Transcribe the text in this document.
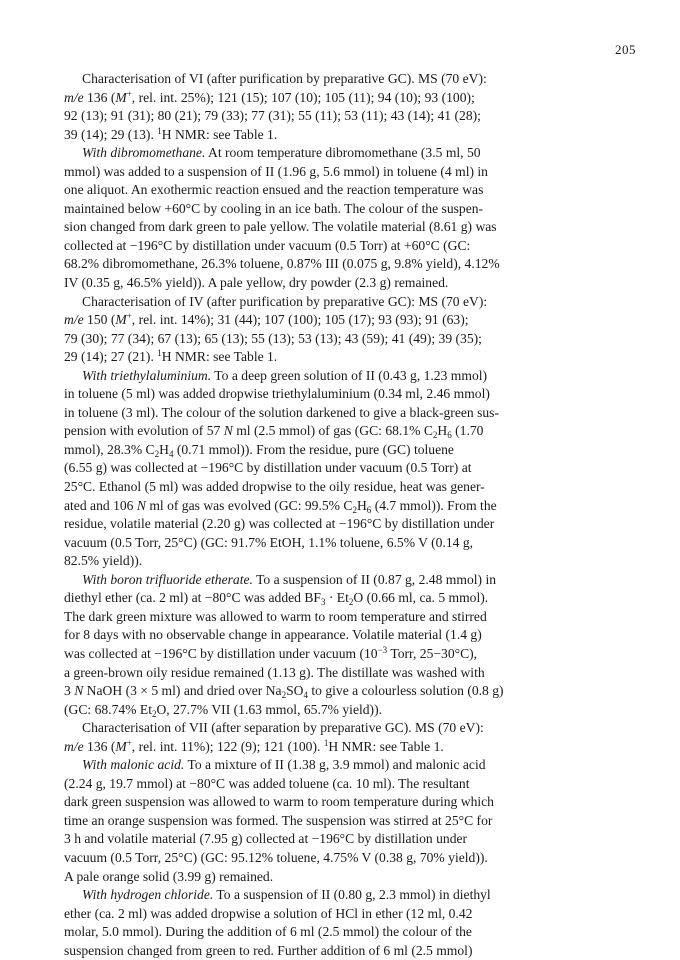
205
Characterisation of VI (after purification by preparative GC). MS (70 eV):
m/e 136 (M+, rel. int. 25%); 121 (15); 107 (10); 105 (11); 94 (10); 93 (100);
92 (13); 91 (31); 80 (21); 79 (33); 77 (31); 55 (11); 53 (11); 43 (14); 41 (28);
39 (14); 29 (13). $^1$H NMR: see Table 1.
With dibromomethane. At room temperature dibromomethane (3.5 ml, 50
mmol) was added to a suspension of II (1.96 g, 5.6 mmol) in toluene (4 ml) in
one aliquot. An exothermic reaction ensued and the reaction temperature was
maintained below +60°C by cooling in an ice bath. The colour of the suspen-
sion changed from dark green to pale yellow. The volatile material (8.61 g) was
collected at −196°C by distillation under vacuum (0.5 Torr) at +60°C (GC:
68.2% dibromomethane, 26.3% toluene, 0.87% III (0.075 g, 9.8% yield), 4.12%
IV (0.35 g, 46.5% yield)). A pale yellow, dry powder (2.3 g) remained.
Characterisation of IV (after purification by preparative GC): MS (70 eV):
m/e 150 (M+, rel. int. 14%); 31 (44); 107 (100); 105 (17); 93 (93); 91 (63);
79 (30); 77 (34); 67 (13); 65 (13); 55 (13); 53 (13); 43 (59); 41 (49); 39 (35);
29 (14); 27 (21). $^1$H NMR: see Table 1.
With triethylaluminium. To a deep green solution of II (0.43 g, 1.23 mmol)
in toluene (5 ml) was added dropwise triethylaluminium (0.34 ml, 2.46 mmol)
in toluene (3 ml). The colour of the solution darkened to give a black-green sus-
pension with evolution of 57 N ml (2.5 mmol) of gas (GC: 68.1% $C_2H_6$ (1.70
mmol), 28.3% $C_2H_4$ (0.71 mmol)). From the residue, pure (GC) toluene
(6.55 g) was collected at −196°C by distillation under vacuum (0.5 Torr) at
25°C. Ethanol (5 ml) was added dropwise to the oily residue, heat was gener-
ated and 106 N ml of gas was evolved (GC: 99.5% $C_2H_6$ (4.7 mmol)). From the
residue, volatile material (2.20 g) was collected at −196°C by distillation under
vacuum (0.5 Torr, 25°C) (GC: 91.7% EtOH, 1.1% toluene, 6.5% V (0.14 g,
82.5% yield)).
With boron trifluoride etherate. To a suspension of II (0.87 g, 2.48 mmol) in
diethyl ether (ca. 2 ml) at −80°C was added $BF_3 \cdot Et_2O$ (0.66 ml, ca. 5 mmol).
The dark green mixture was allowed to warm to room temperature and stirred
for 8 days with no observable change in appearance. Volatile material (1.4 g)
was collected at −196°C by distillation under vacuum ($10^{-3}$ Torr, 25−30°C),
a green-brown oily residue remained (1.13 g). The distillate was washed with
3 N NaOH (3 × 5 ml) and dried over $Na_2SO_4$ to give a colourless solution (0.8 g)
(GC: 68.74% $Et_2O$, 27.7% VII (1.63 mmol, 65.7% yield)).
Characterisation of VII (after separation by preparative GC). MS (70 eV):
m/e 136 (M+, rel. int. 11%); 122 (9); 121 (100). $^1$H NMR: see Table 1.
With malonic acid. To a mixture of II (1.38 g, 3.9 mmol) and malonic acid
(2.24 g, 19.7 mmol) at −80°C was added toluene (ca. 10 ml). The resultant
dark green suspension was allowed to warm to room temperature during which
time an orange suspension was formed. The suspension was stirred at 25°C for
3 h and volatile material (7.95 g) collected at −196°C by distillation under
vacuum (0.5 Torr, 25°C) (GC: 95.12% toluene, 4.75% V (0.38 g, 70% yield)).
A pale orange solid (3.99 g) remained.
With hydrogen chloride. To a suspension of II (0.80 g, 2.3 mmol) in diethyl
ether (ca. 2 ml) was added dropwise a solution of HCl in ether (12 ml, 0.42
molar, 5.0 mmol). During the addition of 6 ml (2.5 mmol) the colour of the
suspension changed from green to red. Further addition of 6 ml (2.5 mmol)
